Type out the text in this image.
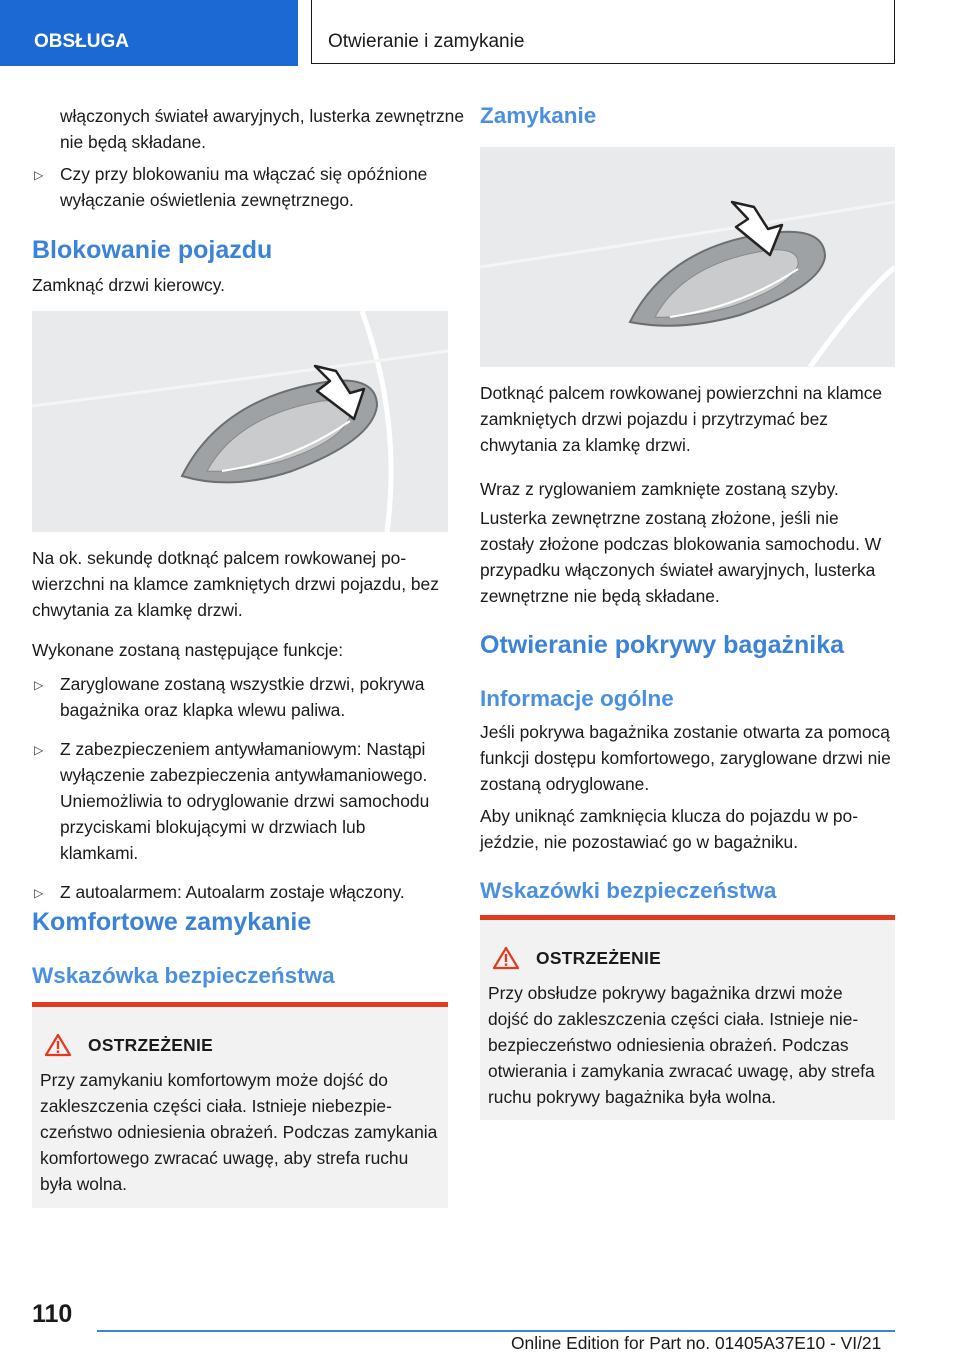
OBSŁUGA	Otwieranie i zamykanie

włączonych świateł awaryjnych, lusterka zewnętrzne nie będą składane.

▷ Czy przy blokowaniu ma włączać się opóźnione wyłączanie oświetlenia zewnętrznego.
Blokowanie pojazdu

Zamknąć drzwi kierowcy.

Na ok. sekundę dotknąć palcem rowkowanej powierzchni na klamce zamkniętych drzwi pojazdu, bez chwytania za klamkę drzwi.

Wykonane zostaną następujące funkcje:

▷ Zaryglowane zostaną wszystkie drzwi, pokrywa bagażnika oraz klapka wlewu paliwa.
▷ Z zabezpieczeniem antywłamaniowym: Nastąpi wyłączenie zabezpieczenia antywłamaniowego. Uniemożliwia to odryglowanie drzwi samochodu przyciskami blokującymi w drzwiach lub klamkami.
▷ Z autoalarmem: Autoalarm zostaje włączony.
Komfortowe zamykanie
Wskazówka bezpieczeństwa
OSTRZEŻENIE

Przy zamykaniu komfortowym może dojść do zakleszczenia części ciała. Istnieje niebezpieczeństwo odniesienia obrażeń. Podczas zamykania komfortowego zwracać uwagę, aby strefa ruchu była wolna.

Zamykanie

Dotknąć palcem rowkowanej powierzchni na klamce zamkniętych drzwi pojazdu i przytrzymać bez chwytania za klamkę drzwi.

Wraz z ryglowaniem zamknięte zostaną szyby.

Lusterka zewnętrzne zostaną złożone, jeśli nie zostały złożone podczas blokowania samochodu. W przypadku włączonych świateł awaryjnych, lusterka zewnętrzne nie będą składane.

Otwieranie pokrywy bagażnika
Informacje ogólne

Jeśli pokrywa bagażnika zostanie otwarta za pomocą funkcji dostępu komfortowego, zaryglowane drzwi nie zostaną odryglowane.

Aby uniknąć zamknięcia klucza do pojazdu w pojeździe, nie pozostawiać go w bagażniku.

Wskazówki bezpieczeństwa
OSTRZEŻENIE

Przy obsłudze pokrywy bagażnika drzwi może dojść do zakleszczenia części ciała. Istnieje niebezpieczeństwo odniesienia obrażeń. Podczas otwierania i zamykania zwracać uwagę, aby strefa ruchu pokrywy bagażnika była wolna.

110
Online Edition for Part no. 01405A37E10 - VI/21
